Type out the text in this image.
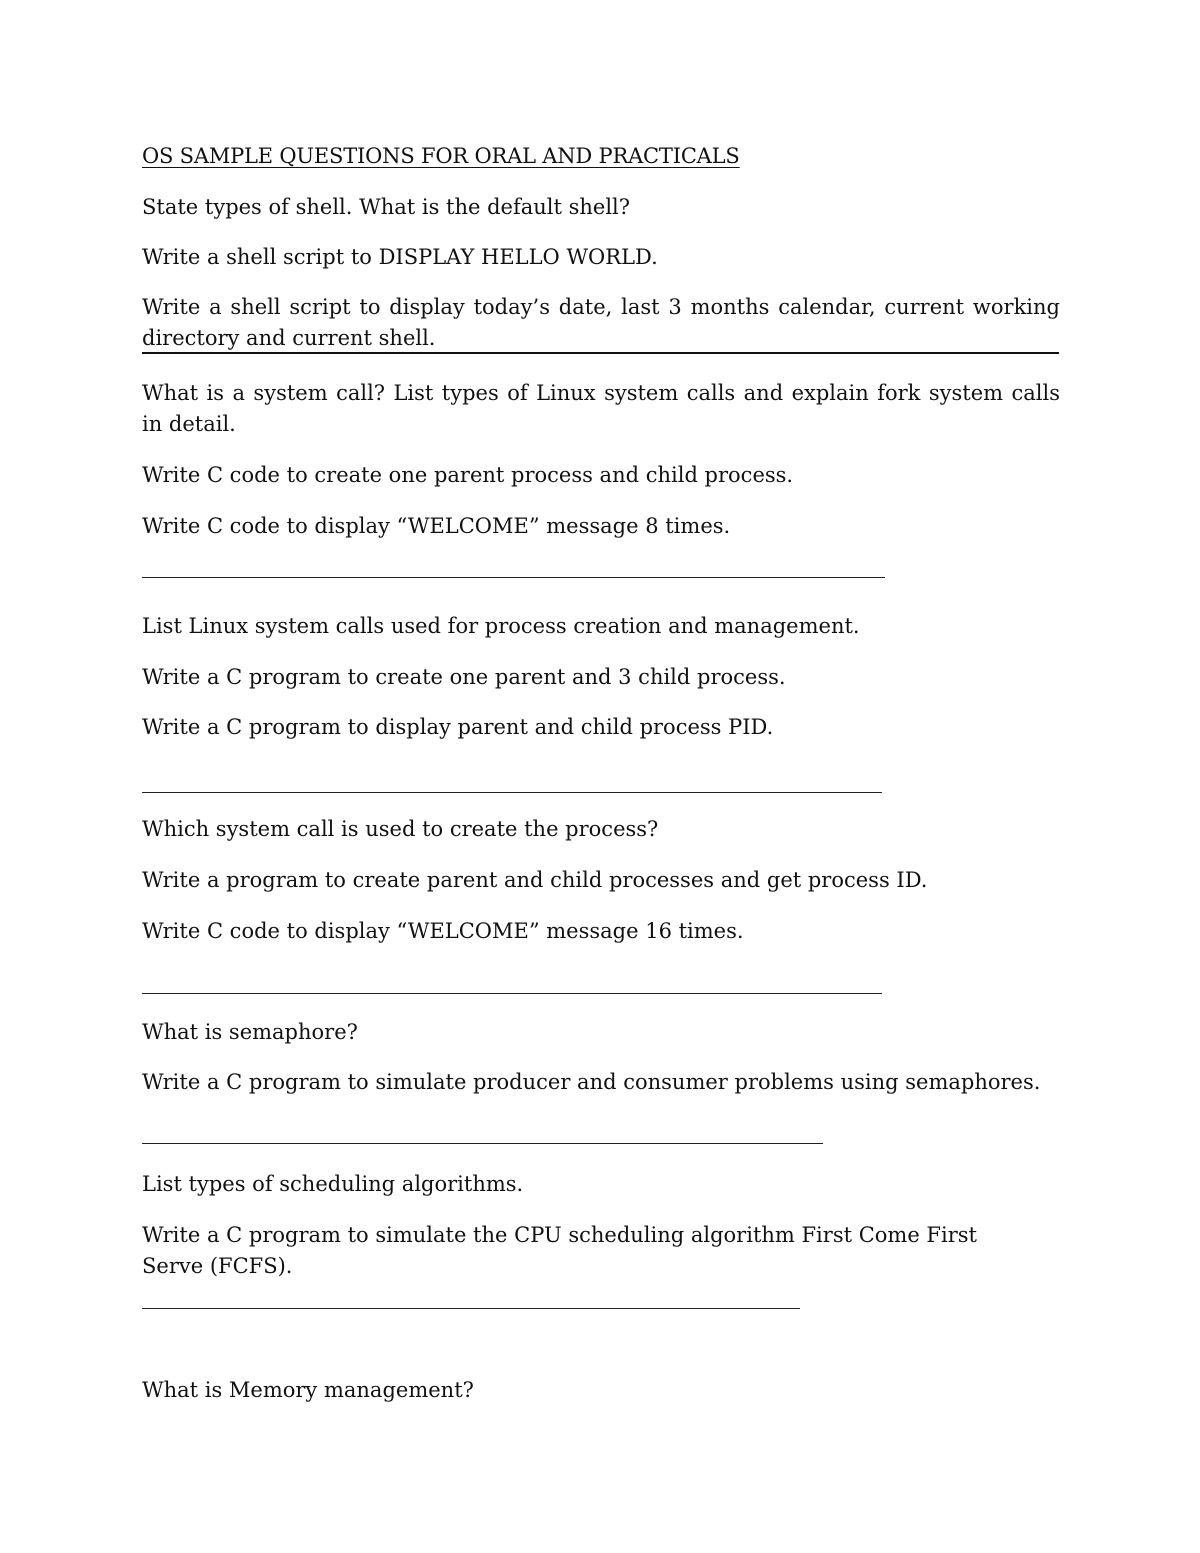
OS SAMPLE QUESTIONS FOR ORAL AND PRACTICALS
State types of shell. What is the default shell?
Write a shell script to DISPLAY HELLO WORLD.
Write a shell script to display today’s date, last 3 months calendar, current working directory and current shell.
What is a system call? List types of Linux system calls and explain fork system calls in detail.
Write C code to create one parent process and child process.
Write C code to display “WELCOME” message 8 times.
List Linux system calls used for process creation and management.
Write a C program to create one parent and 3 child process.
Write a C program to display parent and child process PID.
Which system call is used to create the process?
Write a program to create parent and child processes and get process ID.
Write C code to display “WELCOME” message 16 times.
What is semaphore?
Write a C program to simulate producer and consumer problems using semaphores.
List types of scheduling algorithms.
Write a C program to simulate the CPU scheduling algorithm First Come First Serve (FCFS).
What is Memory management?
